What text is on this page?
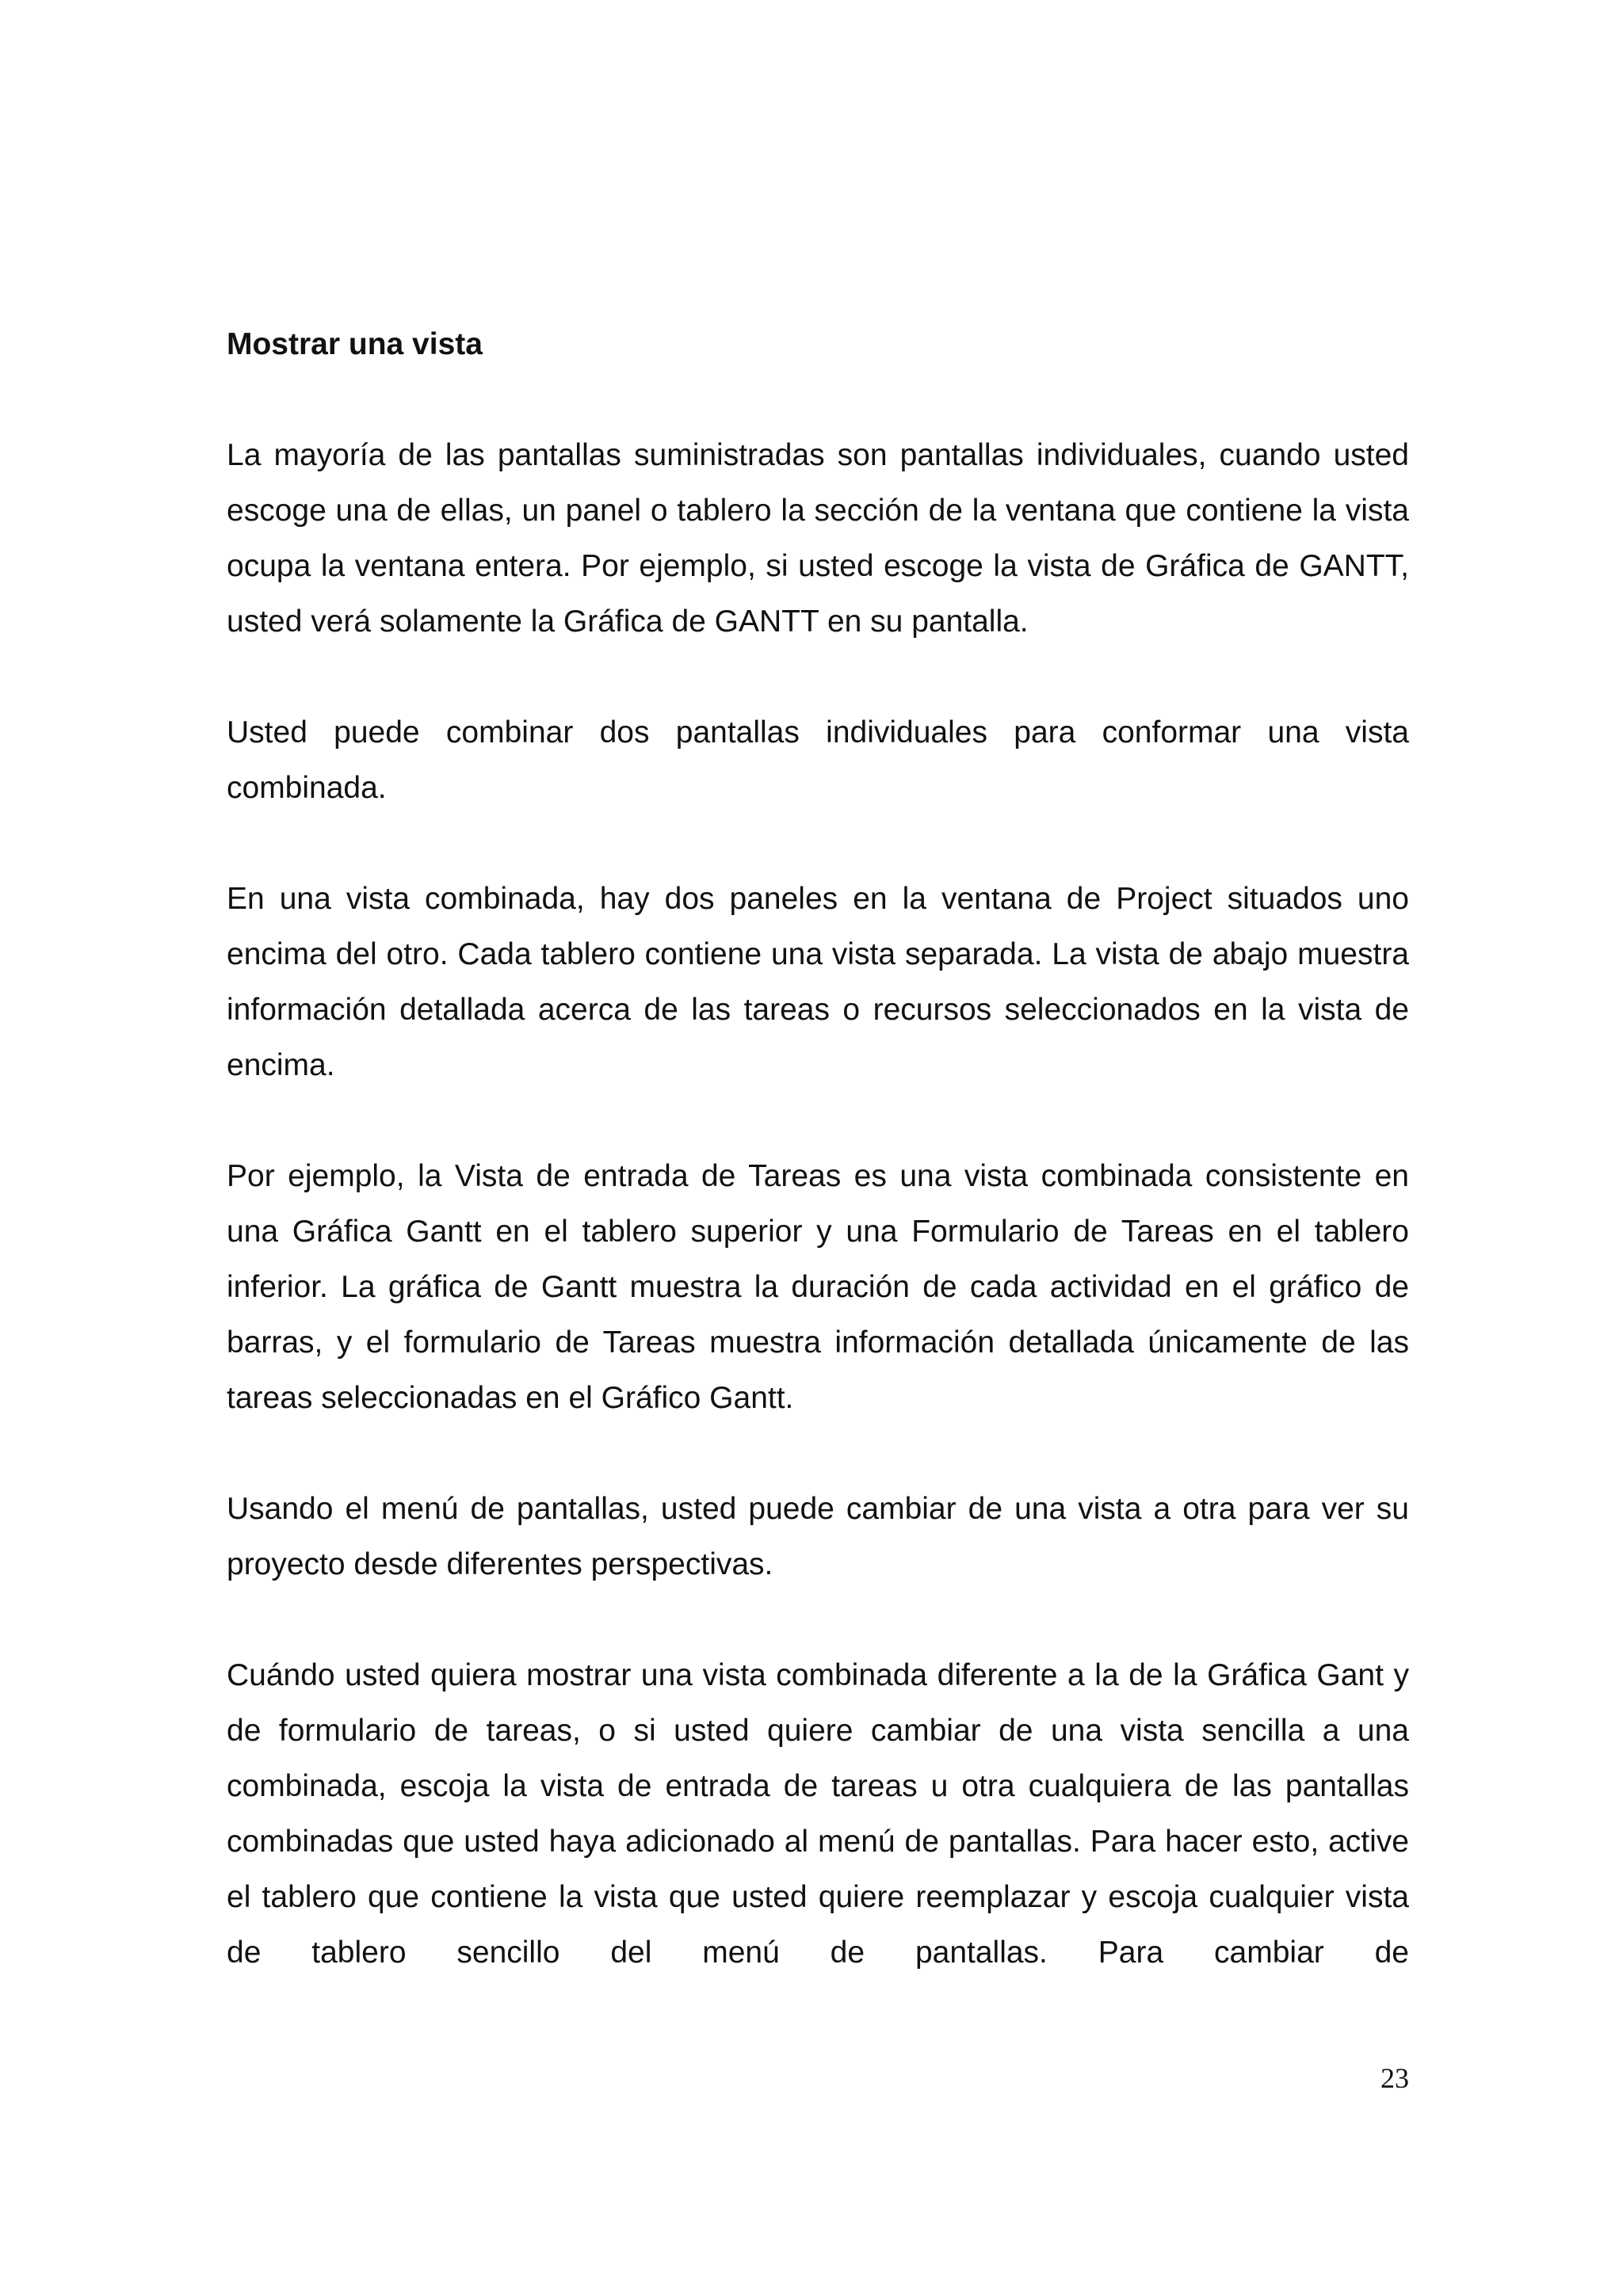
Mostrar una vista

La mayoría de las pantallas suministradas son pantallas individuales, cuando usted escoge una de ellas, un panel o tablero la sección de la ventana que contiene la vista ocupa la ventana entera. Por ejemplo, si usted escoge la vista de Gráfica de GANTT, usted verá solamente la Gráfica de GANTT en su pantalla.

Usted puede combinar dos pantallas individuales para conformar una vista combinada.

En una vista combinada, hay dos paneles en la ventana de Project situados uno encima del otro. Cada tablero contiene una vista separada. La vista de abajo muestra información detallada acerca de las tareas o recursos seleccionados en la vista de encima.

Por ejemplo, la Vista de entrada de Tareas es una vista combinada consistente en una Gráfica Gantt en el tablero superior y una Formulario de Tareas en el tablero inferior. La gráfica de Gantt muestra la duración de cada actividad en el gráfico de barras, y el formulario de Tareas muestra información detallada únicamente de las tareas seleccionadas en el Gráfico Gantt.

Usando el menú de pantallas, usted puede cambiar de una vista a otra para ver su proyecto desde diferentes perspectivas.

Cuándo usted quiera mostrar una vista combinada diferente a la de la Gráfica Gant y de formulario de tareas, o si usted quiere cambiar de una vista sencilla a una combinada, escoja la vista de entrada de tareas u otra cualquiera de las pantallas combinadas que usted haya adicionado al menú de pantallas. Para hacer esto, active el tablero que contiene la vista que usted quiere reemplazar y escoja cualquier vista de tablero sencillo del menú de pantallas. Para cambiar de

23
